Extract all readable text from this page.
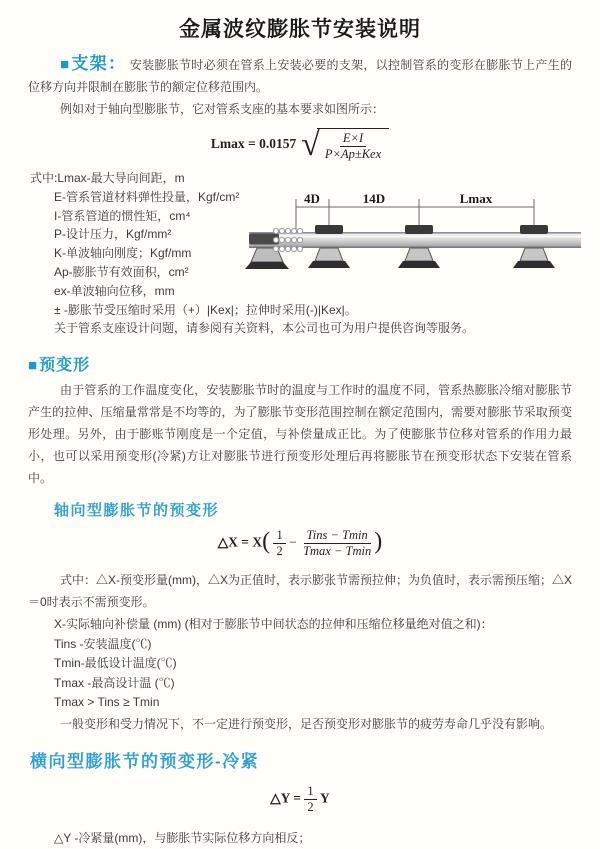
金属波纹膨胀节安装说明

■支架： 安装膨胀节时必须在管系上安装必要的支架，以控制管系的变形在膨胀节上产生的位移方向并限制在膨胀节的额定位移范围内。

例如对于轴向型膨胀节，它对管系支座的基本要求如图所示：

Lmax = 0.0157 √ $\frac{E\times I}{\text{P×Ap±Kex}}$

式中:Lmax-最大导向间距，m

E-管系管道材料弹性投量，Kgf/cm²

I-管系管道的惯性矩，cm⁴

P-设计压力，Kgf/mm²

K-单波轴向刚度；Kgf/mm

Ap-膨胀节有效面积，cm²

ex-单波轴向位移，mm

± -膨胀节受压缩时采用（+）|Kex|；拉伸时采用(-)|Kex|。

关于管系支座设计问题，请参阅有关资料，本公司也可为用户提供咨询等服务。

■预变形

由于管系的工作温度变化，安装膨胀节时的温度与工作时的温度不同，管系热膨胀冷缩对膨胀节产生的拉伸、压缩量常常是不均等的，为了膨胀节变形范围控制在额定范围内，需要对膨胀节采取预变形处理。另外，由于膨账节刚度是一个定值，与补偿量成正比。为了使膨胀节位移对管系的作用力最小，也可以采用预变形(冷紧)方让对膨胀节进行预变形处理后再将膨胀节在预变形状态下安装在管系中。

轴向型膨胀节的预变形

△X = $X( \frac{1}{2} - \frac{\text{Tins − Tmin}}{Tmax - Tmin}$ )

式中：△X-预变形量(mm)，△X为正值时，表示膨张节需预拉伸；为负值时，表示需预压缩；△X＝0时表示不需预变形。

X-实际轴向补偿量 (mm) (相对于膨胀节中间状态的拉伸和压缩位移量绝对值之和)：

Tins -安装温度(℃)

Tmin-最低设计温度(℃)

Tmax -最高设计温 (℃)

Tmax > Tins ≥ Tmin

一般变形和受力情况下，不一定进行预变形，足否预变形对膨胀节的疲劳寿命几乎没有影响。

横向型膨胀节的预变形-冷紧

△Y = $\frac{1}{2}$ Y

△Y -冷紧量(mm)，与膨胀节实际位移方向相反；

4D	14D	Lmax
